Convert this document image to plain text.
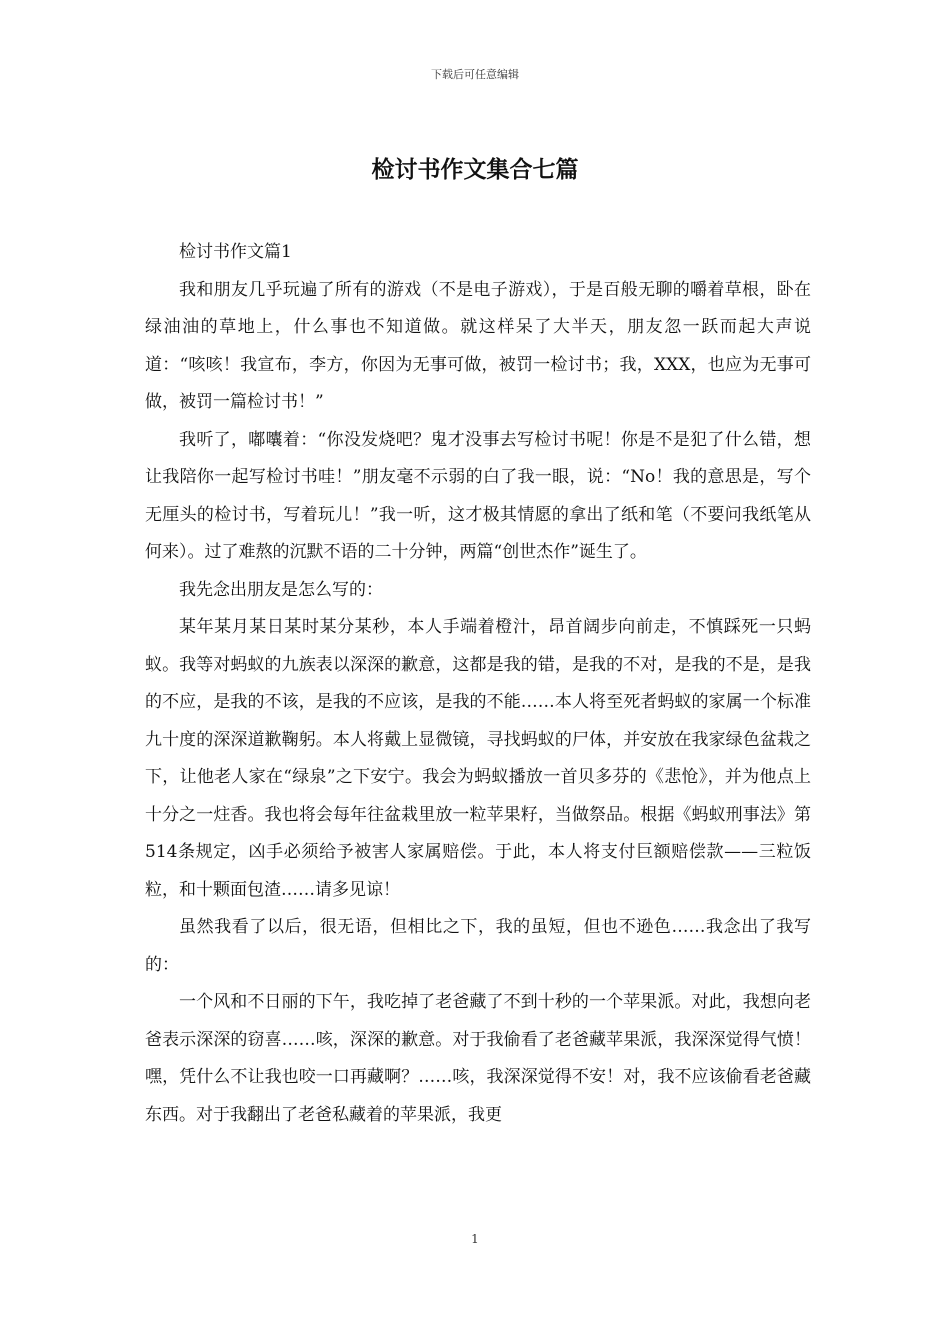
下载后可任意编辑
检讨书作文集合七篇

检讨书作文篇1

我和朋友几乎玩遍了所有的游戏（不是电子游戏），于是百般无聊的嚼着草根，卧在绿油油的草地上，什么事也不知道做。就这样呆了大半天，朋友忽一跃而起大声说道：“咳咳！我宣布，李方，你因为无事可做，被罚一检讨书；我，XXX，也应为无事可做，被罚一篇检讨书！”

我听了，嘟囔着：“你没发烧吧？鬼才没事去写检讨书呢！你是不是犯了什么错，想让我陪你一起写检讨书哇！”朋友毫不示弱的白了我一眼，说：“No！我的意思是，写个无厘头的检讨书，写着玩儿！”我一听，这才极其情愿的拿出了纸和笔（不要问我纸笔从何来）。过了难熬的沉默不语的二十分钟，两篇“创世杰作”诞生了。

我先念出朋友是怎么写的：

某年某月某日某时某分某秒，本人手端着橙汁，昂首阔步向前走，不慎踩死一只蚂蚁。我等对蚂蚁的九族表以深深的歉意，这都是我的错，是我的不对，是我的不是，是我的不应，是我的不该，是我的不应该，是我的不能……本人将至死者蚂蚁的家属一个标准九十度的深深道歉鞠躬。本人将戴上显微镜，寻找蚂蚁的尸体，并安放在我家绿色盆栽之下，让他老人家在“绿泉”之下安宁。我会为蚂蚁播放一首贝多芬的《悲怆》，并为他点上十分之一炷香。我也将会每年往盆栽里放一粒苹果籽，当做祭品。根据《蚂蚁刑事法》第514条规定，凶手必须给予被害人家属赔偿。于此，本人将支付巨额赔偿款——三粒饭粒，和十颗面包渣……请多见谅！

虽然我看了以后，很无语，但相比之下，我的虽短，但也不逊色……我念出了我写的：

一个风和不日丽的下午，我吃掉了老爸藏了不到十秒的一个苹果派。对此，我想向老爸表示深深的窃喜……咳，深深的歉意。对于我偷看了老爸藏苹果派，我深深觉得气愤！嘿，凭什么不让我也咬一口再藏啊？……咳，我深深觉得不安！对，我不应该偷看老爸藏东西。对于我翻出了老爸私藏着的苹果派，我更

1
